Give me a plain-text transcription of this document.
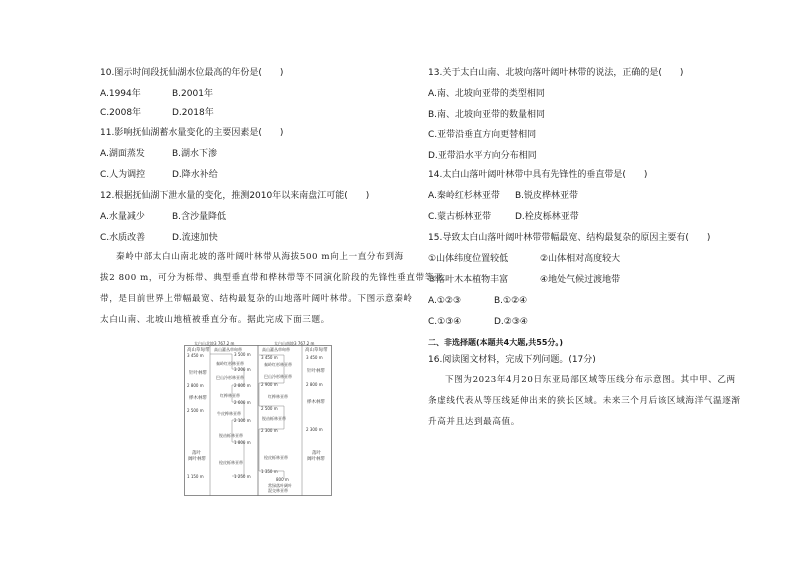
10.图示时间段抚仙湖水位最高的年份是(　　)
A.1994年	B.2001年
C.2008年	D.2018年
11.影响抚仙湖蓄水量变化的主要因素是(　　)
A.湖面蒸发	B.湖水下渗
C.人为调控	D.降水补给
12.根据抚仙湖下泄水量的变化，推测2010年以来南盘江可能(　　)
A.水量减少	B.含沙量降低
C.水质改善	D.流速加快
秦岭中部太白山南北坡的落叶阔叶林带从海拔500 m向上一直分布到海
拔2 800 m，可分为栎带、典型垂直带和桦林带等不同演化阶段的先锋性垂直带等亚
带，是目前世界上带幅最宽、结构最复杂的山地落叶阔叶林带。下图示意秦岭
太白山南、北坡山地植被垂直分布。据此完成下面三题。
太白山北坡3 767.2 m	太白山南坡3 767.2 m
高山草甸带
3 450 m
针叶林带
2 800 m
桦木林带
2 500 m
落叶
阔叶林带
1 150 m
高山灌丛草甸带
3 500 m
秦岭红杉林亚带
3 200 m
巴山冷杉林亚带
2 800 m
红桦林亚带
2 600 m
牛皮桦林亚带
2 100 m
锐齿栎林亚带
1 800 m
栓皮栎林亚带
1 250 m
高山灌丛草甸带
3 450 m
秦岭红杉林亚带
巴山冷杉林亚带
2 900 m
红桦林亚带
2 500 m
锐齿栎林亚带
2 300 m
栓皮栎林亚带
1 350 m
800 m
常绿落叶阔叶
混交林亚带
高山草甸带
3 450 m
针叶林带
2 800 m
桦木林带
2 300 m
落叶
阔叶林带
13.关于太白山南、北坡向落叶阔叶林带的说法，正确的是(　　)
A.南、北坡向亚带的类型相同
B.南、北坡向亚带的数量相同
C.亚带沿垂直方向更替相同
D.亚带沿水平方向分布相同
14.太白山落叶阔叶林带中具有先锋性的垂直带是(　　)
A.秦岭红杉林亚带 B.锐皮桦林亚带
C.蒙古栎林亚带	D.栓皮栎林亚带
15.导致太白山落叶阔叶林带带幅最宽、结构最复杂的原因主要有(　　)
①山体纬度位置较低	②山体相对高度较大
③落叶木本植物丰富	④地处气候过渡地带
A.①②③	B.①②④
C.①③④	D.②③④
二、非选择题(本题共4大题,共55分。)
16.阅读图文材料，完成下列问题。(17分)
下图为2023年4月20日东亚局部区域等压线分布示意图。其中甲、乙两
条虚线代表从等压线延伸出来的狭长区域。未来三个月后该区域海洋气温逐渐
升高并且达到最高值。
